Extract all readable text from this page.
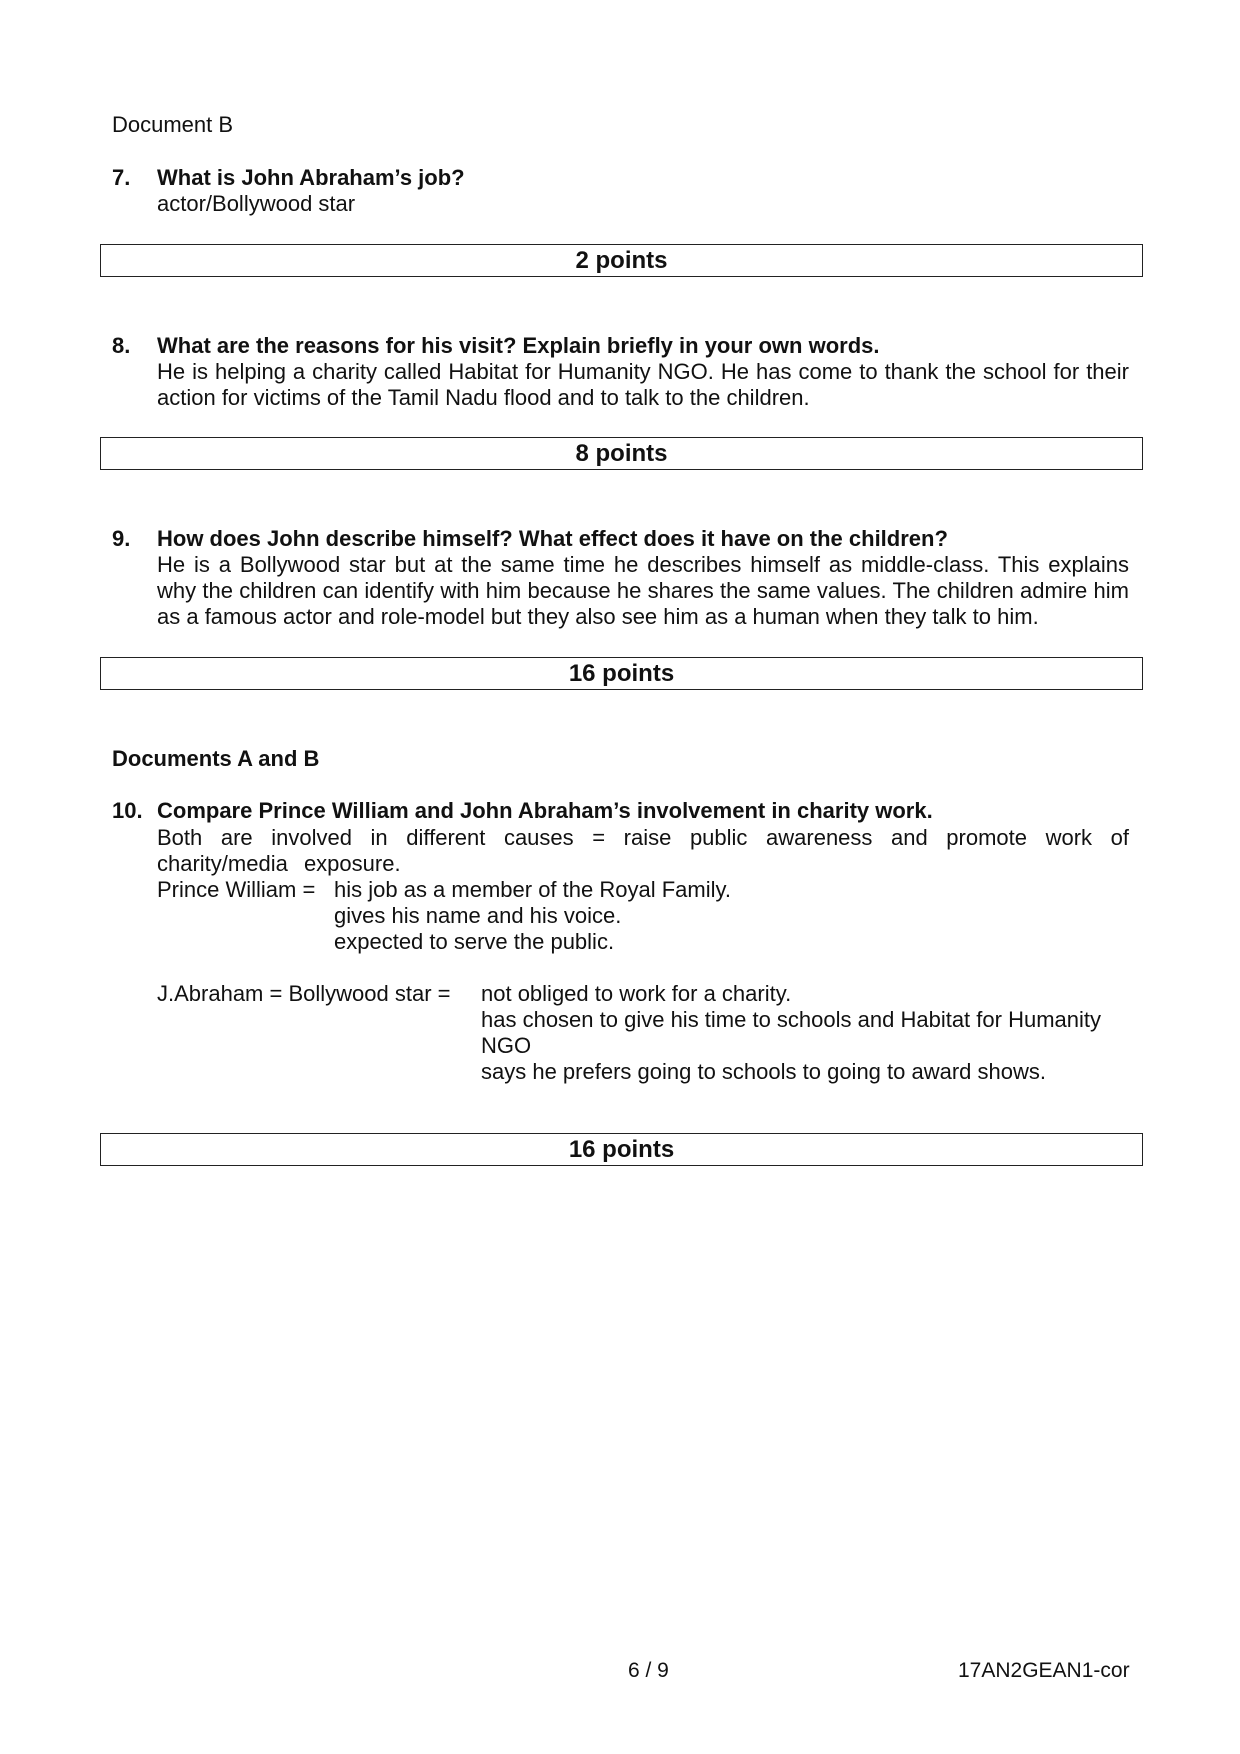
Document B
7.	What is John Abraham’s job?
actor/Bollywood star
2 points
8.	What are the reasons for his visit? Explain briefly in your own words.
He is helping a charity called Habitat for Humanity NGO. He has come to thank the school for their action for victims of the Tamil Nadu flood and to talk to the children.
8 points
9.	How does John describe himself? What effect does it have on the children?
He is a Bollywood star but at the same time he describes himself as middle-class. This explains why the children can identify with him because he shares the same values. The children admire him as a famous actor and role-model but they also see him as a human when they talk to him.
16 points
Documents A and B
10. Compare Prince William and John Abraham’s involvement in charity work.
Both are involved in different causes = raise public awareness and promote work of charity/media exposure.
Prince William = his job as a member of the Royal Family.
gives his name and his voice.
expected to serve the public.
J.Abraham = Bollywood star = not obliged to work for a charity.
has chosen to give his time to schools and Habitat for Humanity NGO
says he prefers going to schools to going to award shows.
16 points
6 / 9	17AN2GEAN1-cor
